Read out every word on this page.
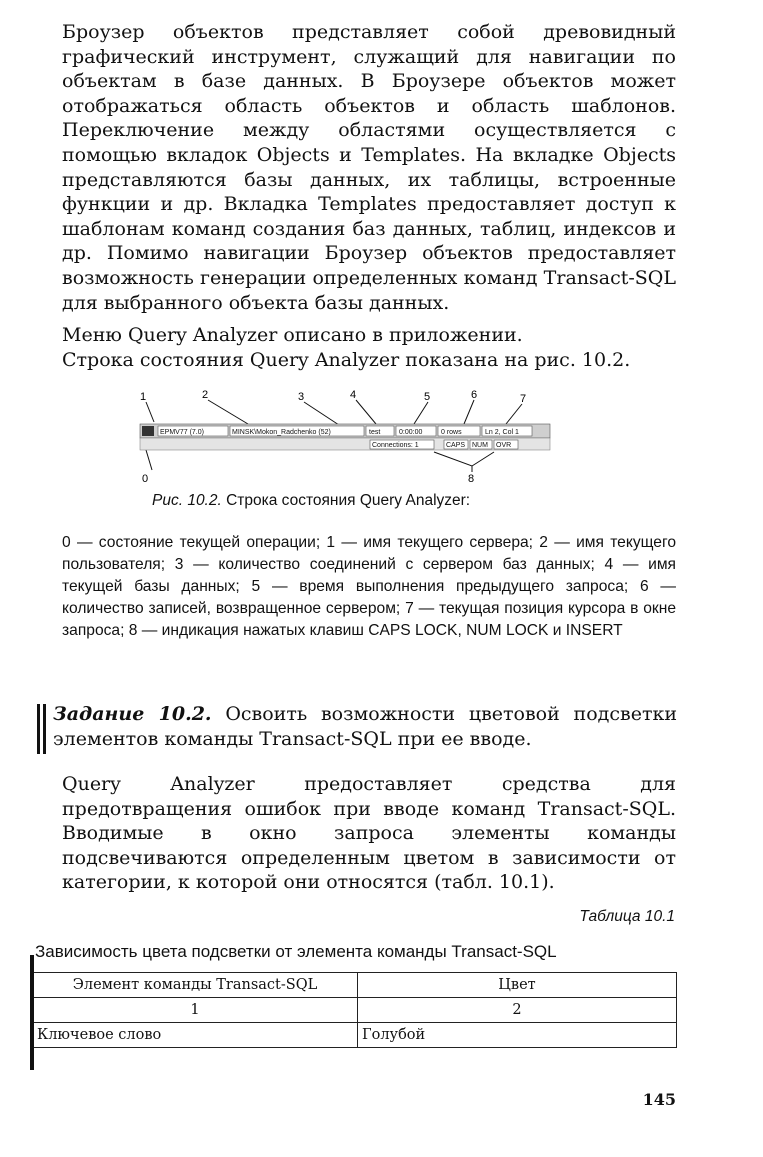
Броузер объектов представляет собой древовидный графический инструмент, служащий для навигации по объектам в базе данных. В Броузере объектов может отображаться область объектов и область шаблонов. Переключение между областями осуществляется с помощью вкладок Objects и Templates. На вкладке Objects представляются базы данных, их таблицы, встроенные функции и др. Вкладка Templates предоставляет доступ к шаблонам команд создания баз данных, таблиц, индексов и др. Помимо навигации Броузер объектов предоставляет возможность генерации определенных команд Transact-SQL для выбранного объекта базы данных.

Меню Query Analyzer описано в приложении.

Строка состояния Query Analyzer показана на рис. 10.2.

1	2	3	4	5	6	7
0	8
EPMV77 (7.0)	MINSK\Mokon_Radchenko (52)	test	0:00:00	0 rows	Ln 2, Col 1
Connections: 1	CAPS NUM OVR
Рис. 10.2. Строка состояния Query Analyzer:

0 — состояние текущей операции; 1 — имя текущего сервера; 2 — имя текущего пользователя; 3 — количество соединений с сервером баз данных; 4 — имя текущей базы данных; 5 — время выполнения предыдущего запроса; 6 — количество записей, возвращенное сервером; 7 — текущая позиция курсора в окне запроса; 8 — индикация нажатых клавиш CAPS LOCK, NUM LOCK и INSERT

Задание 10.2. Освоить возможности цветовой подсветки элементов команды Transact-SQL при ее вводе.

Query Analyzer предоставляет средства для предотвращения ошибок при вводе команд Transact-SQL. Вводимые в окно запроса элементы команды подсвечиваются определенным цветом в зависимости от категории, к которой они относятся (табл. 10.1).

Таблица 10.1
Зависимость цвета подсветки от элемента команды Transact-SQL
Элемент команды Transact-SQL	Цвет
1	2
Ключевое слово	Голубой
145
